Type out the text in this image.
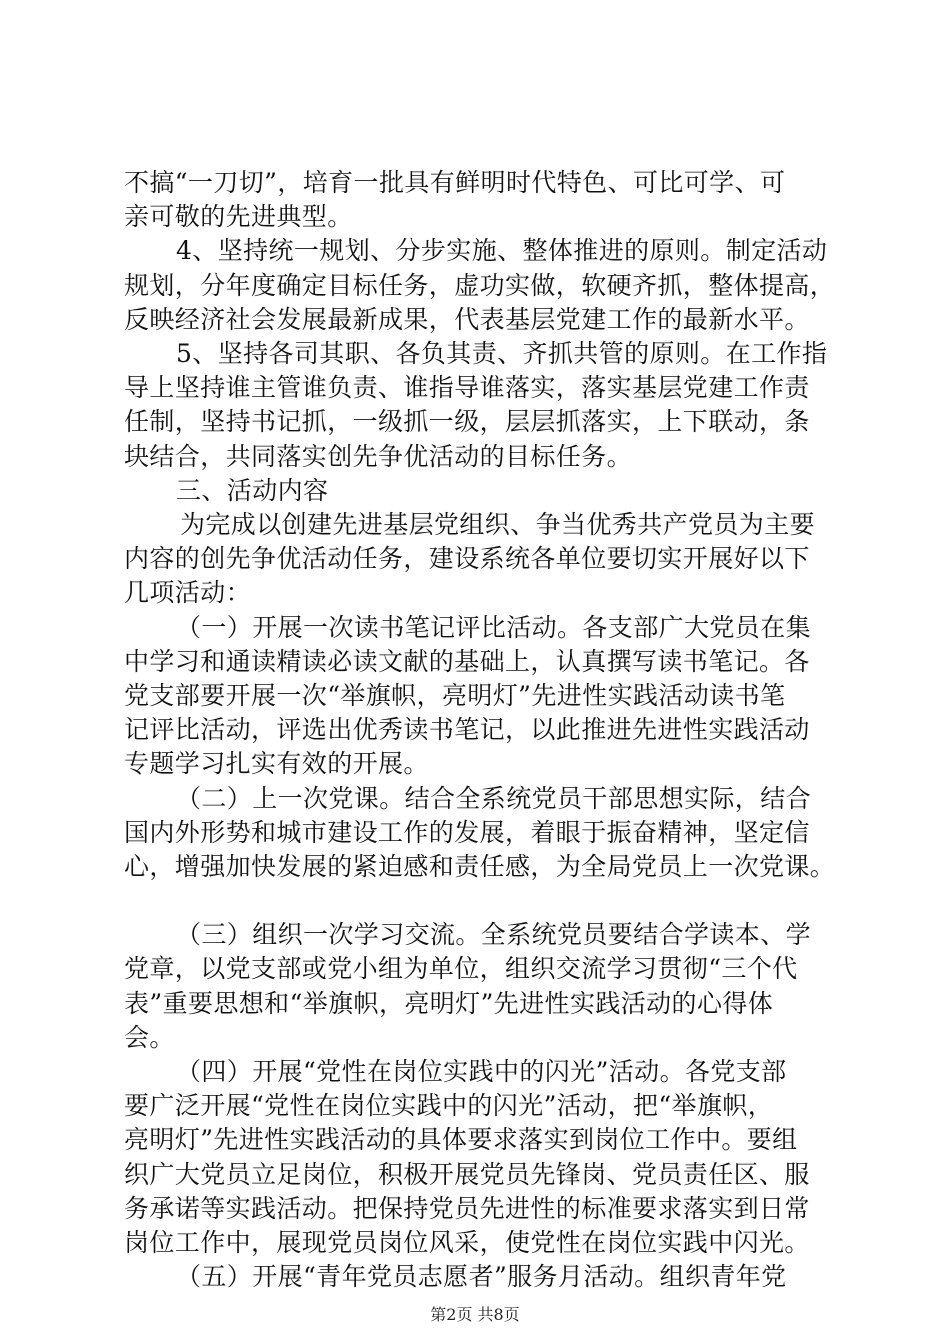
不搞“一刀切”，培育一批具有鲜明时代特色、可比可学、可
亲可敬的先进典型。
4、坚持统一规划、分步实施、整体推进的原则。制定活动
规划，分年度确定目标任务，虚功实做，软硬齐抓，整体提高，
反映经济社会发展最新成果，代表基层党建工作的最新水平。
5、坚持各司其职、各负其责、齐抓共管的原则。在工作指
导上坚持谁主管谁负责、谁指导谁落实，落实基层党建工作责
任制，坚持书记抓，一级抓一级，层层抓落实，上下联动，条
块结合，共同落实创先争优活动的目标任务。
三、活动内容
为完成以创建先进基层党组织、争当优秀共产党员为主要
内容的创先争优活动任务，建设系统各单位要切实开展好以下
几项活动：
（一）开展一次读书笔记评比活动。各支部广大党员在集
中学习和通读精读必读文献的基础上，认真撰写读书笔记。各
党支部要开展一次“举旗帜，亮明灯”先进性实践活动读书笔
记评比活动，评选出优秀读书笔记，以此推进先进性实践活动
专题学习扎实有效的开展。
（二）上一次党课。结合全系统党员干部思想实际，结合
国内外形势和城市建设工作的发展，着眼于振奋精神，坚定信
心，增强加快发展的紧迫感和责任感，为全局党员上一次党课。
（三）组织一次学习交流。全系统党员要结合学读本、学
党章，以党支部或党小组为单位，组织交流学习贯彻“三个代
表”重要思想和“举旗帜，亮明灯”先进性实践活动的心得体
会。
（四）开展“党性在岗位实践中的闪光”活动。各党支部
要广泛开展“党性在岗位实践中的闪光”活动，把“举旗帜，
亮明灯”先进性实践活动的具体要求落实到岗位工作中。要组
织广大党员立足岗位，积极开展党员先锋岗、党员责任区、服
务承诺等实践活动。把保持党员先进性的标准要求落实到日常
岗位工作中，展现党员岗位风采，使党性在岗位实践中闪光。
（五）开展“青年党员志愿者”服务月活动。组织青年党
第2页 共8页
